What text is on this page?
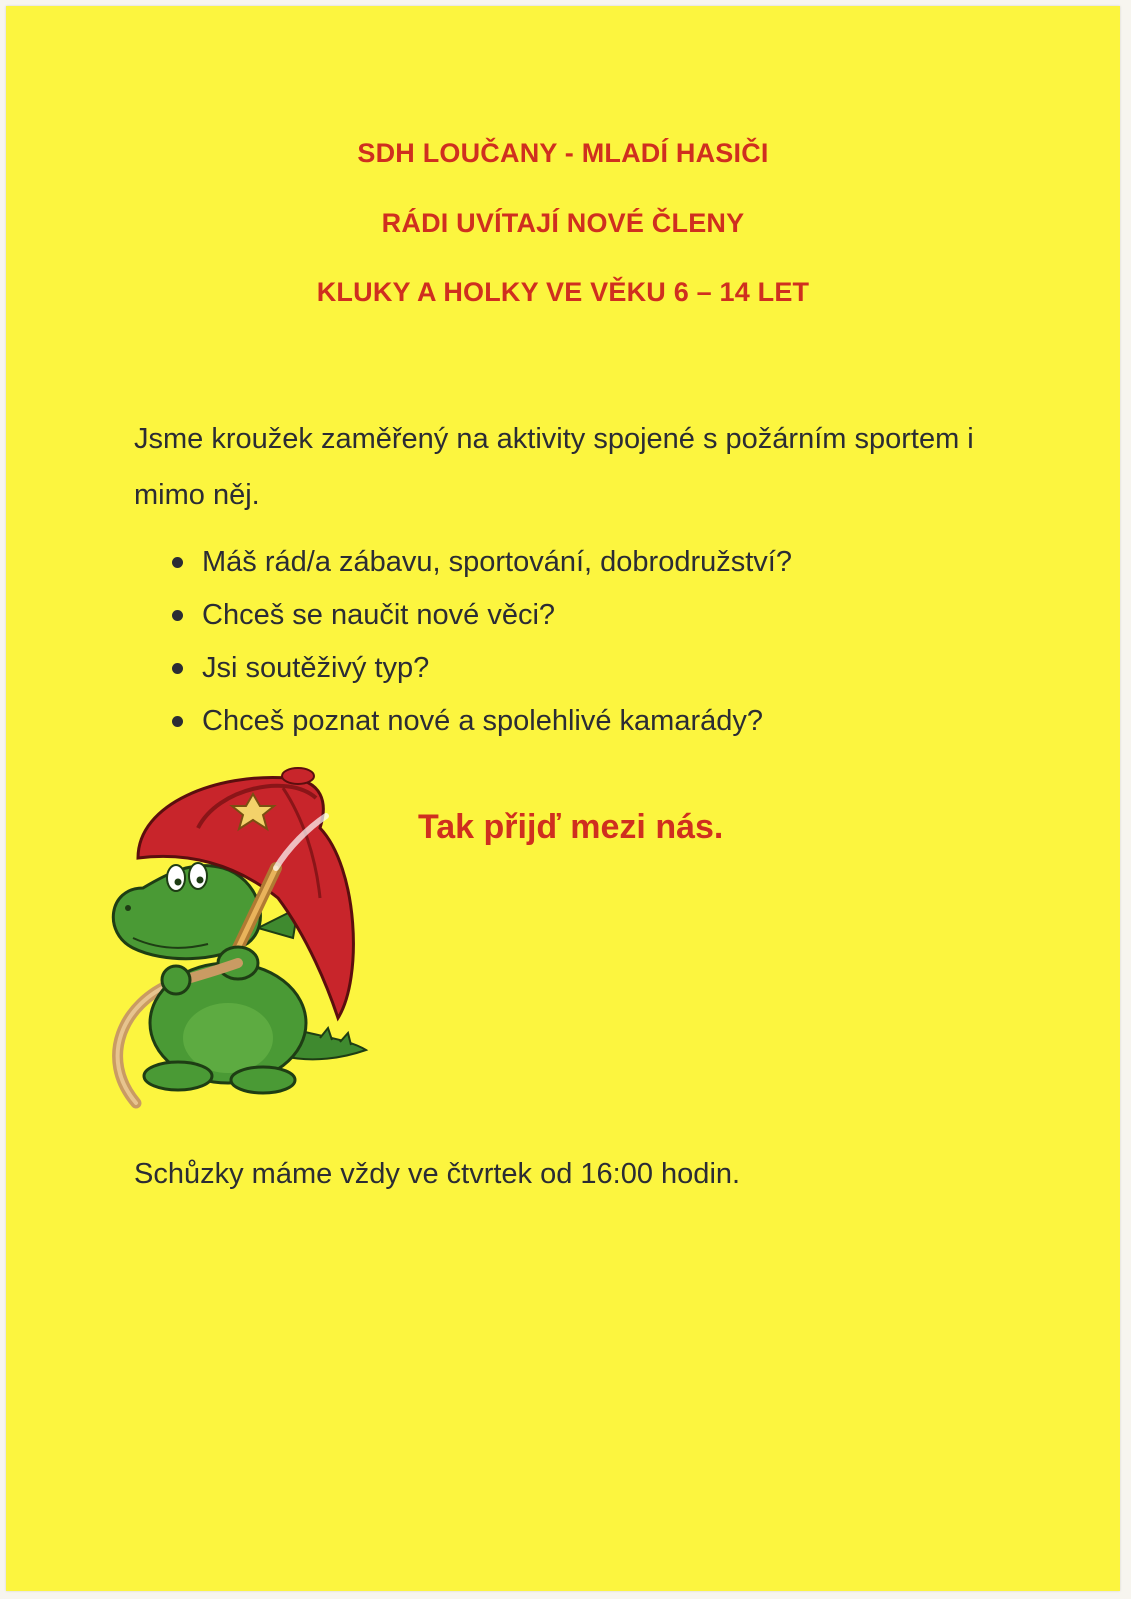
SDH LOUČANY - MLADÍ HASIČI
RÁDI UVÍTAJÍ NOVÉ ČLENY
KLUKY A HOLKY VE VĚKU 6 – 14 LET

Jsme kroužek zaměřený na aktivity spojené s požárním sportem i mimo něj.

Máš rád/a zábavu, sportování, dobrodružství?
Chceš se naučit nové věci?
Jsi soutěživý typ?
Chceš poznat nové a spolehlivé kamarády?

Tak přijď mezi nás.

Schůzky máme vždy ve čtvrtek od 16:00 hodin.
